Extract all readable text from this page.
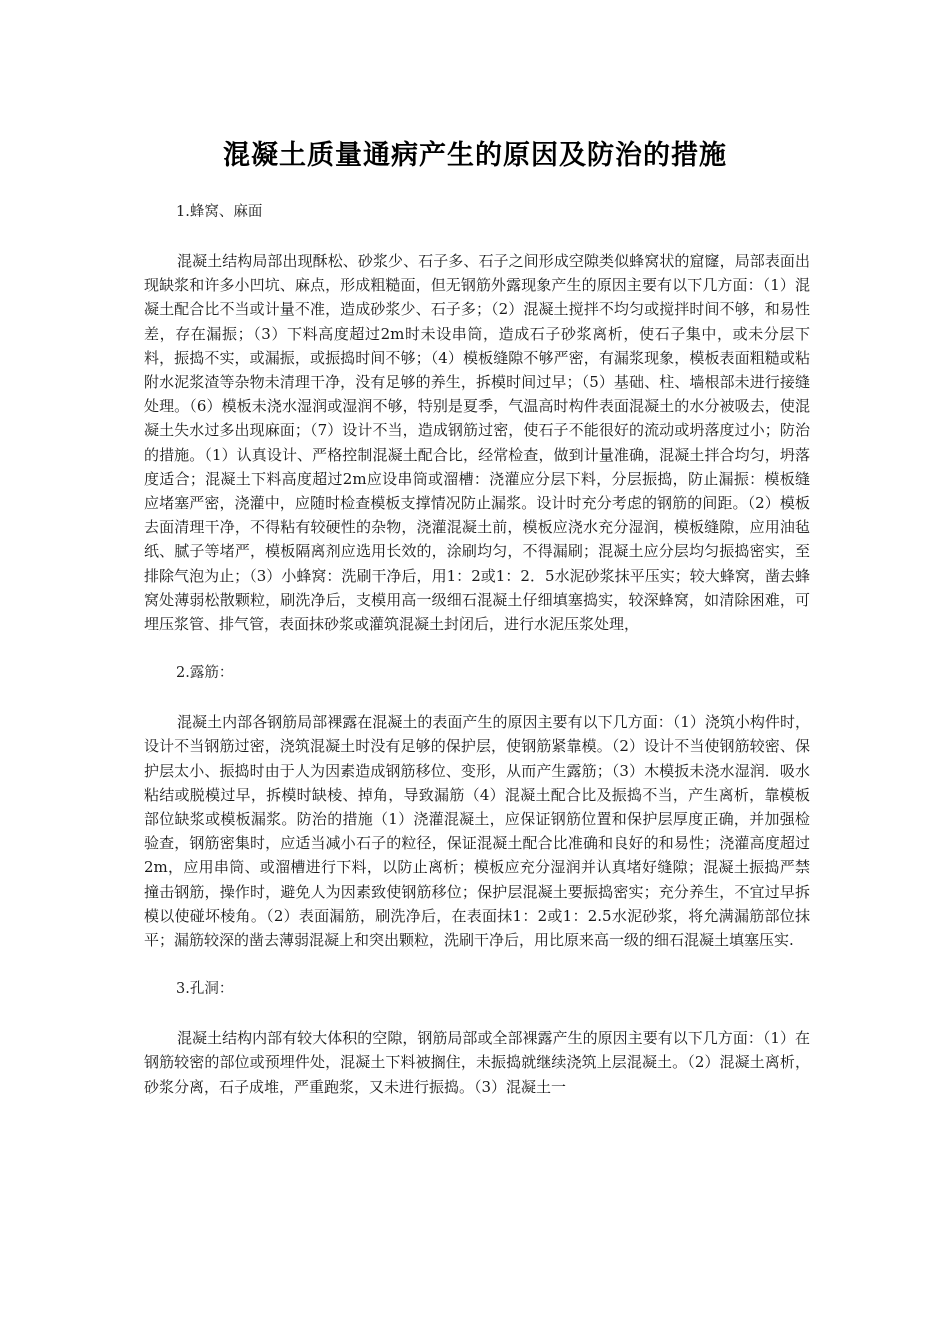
混凝土质量通病产生的原因及防治的措施

1.蜂窝、麻面

混凝土结构局部出现酥松、砂浆少、石子多、石子之间形成空隙类似蜂窝状的窟窿，局部表面出现缺浆和许多小凹坑、麻点，形成粗糙面，但无钢筋外露现象产生的原因主要有以下几方面：（1）混凝土配合比不当或计量不准，造成砂浆少、石子多；（2）混凝土搅拌不均匀或搅拌时间不够，和易性差，存在漏振；（3）下料高度超过2m时未设串筒，造成石子砂浆离析，使石子集中，或未分层下料，振捣不实，或漏振，或振捣时间不够；（4）模板缝隙不够严密，有漏浆现象，模板表面粗糙或粘附水泥浆渣等杂物未清理干净，没有足够的养生，拆模时间过早；（5）基础、柱、墙根部未进行接缝处理。（6）模板未浇水湿润或湿润不够，特别是夏季，气温高时构件表面混凝土的水分被吸去，使混凝土失水过多出现麻面；（7）设计不当，造成钢筋过密，使石子不能很好的流动或坍落度过小；防治的措施。（1）认真设计、严格控制混凝土配合比，经常检查，做到计量准确，混凝土拌合均匀，坍落度适合；混凝土下料高度超过2m应设串筒或溜槽：浇灌应分层下料，分层振捣，防止漏振：模板缝应堵塞严密，浇灌中，应随时检查模板支撑情况防止漏浆。设计时充分考虑的钢筋的间距。（2）模板去面清理干净，不得粘有较硬性的杂物，浇灌混凝土前，模板应浇水充分湿润，模板缝隙，应用油毡纸、腻子等堵严，模板隔离剂应选用长效的，涂刷均匀，不得漏刷；混凝土应分层均匀振捣密实，至排除气泡为止；（3）小蜂窝：洗刷干净后，用1：2或1：2．5水泥砂浆抹平压实；较大蜂窝，凿去蜂窝处薄弱松散颗粒，刷洗净后，支模用高一级细石混凝土仔细填塞捣实，较深蜂窝，如清除困难，可埋压浆管、排气管，表面抹砂浆或灌筑混凝土封闭后，进行水泥压浆处理，

2.露筋：

混凝土内部各钢筋局部裸露在混凝土的表面产生的原因主要有以下几方面：（1）浇筑小构件时，设计不当钢筋过密，浇筑混凝土时没有足够的保护层，使钢筋紧靠模。（2）设计不当使钢筋较密、保护层太小、振捣时由于人为因素造成钢筋移位、变形，从而产生露筋；（3）木模扳未浇水湿润．吸水粘结或脱模过早，拆模时缺棱、掉角，导致漏筋（4）混凝土配合比及振捣不当，产生离析，靠模板部位缺浆或模板漏浆。防治的措施（1）浇灌混凝土，应保证钢筋位置和保护层厚度正确，并加强检验查，钢筋密集时，应适当减小石子的粒径，保证混凝土配合比准确和良好的和易性；浇灌高度超过2m，应用串筒、或溜槽进行下料，以防止离析；模板应充分湿润并认真堵好缝隙；混凝土振捣严禁撞击钢筋，操作时，避免人为因素致使钢筋移位；保护层混凝土要振捣密实；充分养生，不宜过早拆模以使碰坏棱角。（2）表面漏筋，刷洗净后，在表面抹1：2或1：2.5水泥砂浆，将允满漏筋部位抹平；漏筋较深的凿去薄弱混凝上和突出颗粒，洗刷干净后，用比原来高一级的细石混凝土填塞压实.

3.孔洞：

混凝土结构内部有较大体积的空隙，钢筋局部或全部裸露产生的原因主要有以下几方面：（1）在钢筋较密的部位或预埋件处，混凝土下料被搁住，未振捣就继续浇筑上层混凝土。（2）混凝土离析，砂浆分离，石子成堆，严重跑浆，又未进行振捣。（3）混凝土一
